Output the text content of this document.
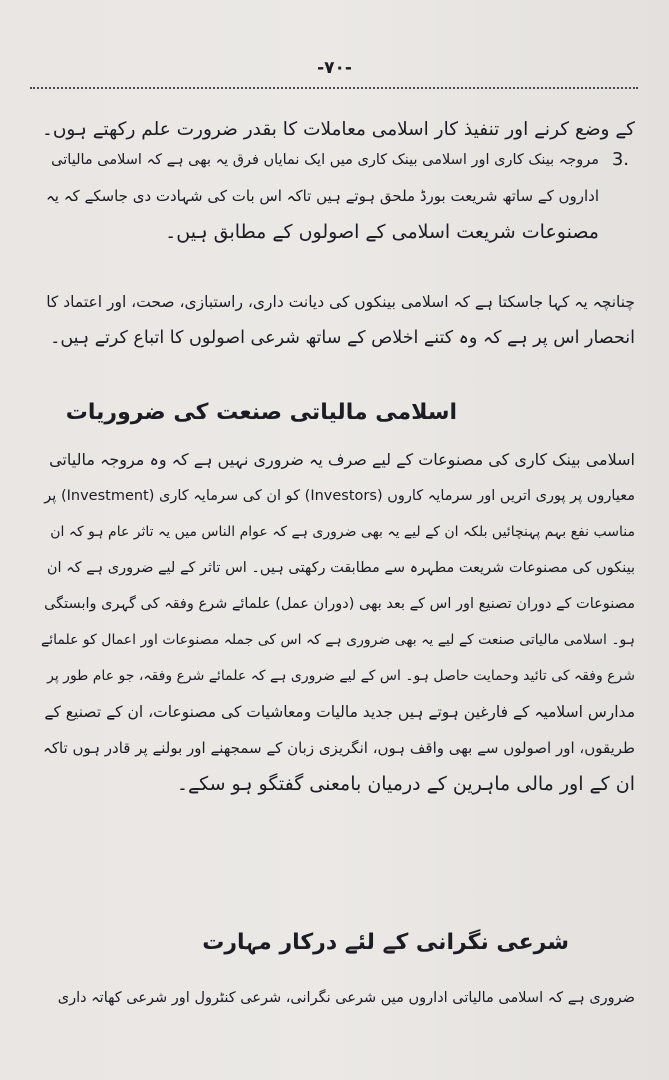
-۷۰-
کے وضع کرنے اور تنفیذ کار اسلامی معاملات کا بقدر ضرورت علم رکھتے ہوں۔
3.
مروجہ بینک کاری اور اسلامی بینک کاری میں ایک نمایاں فرق یہ بھی ہے کہ اسلامی مالیاتی
اداروں کے ساتھ شریعت بورڈ ملحق ہوتے ہیں تاکہ اس بات کی شہادت دی جاسکے کہ یہ
مصنوعات شریعت اسلامی کے اصولوں کے مطابق ہیں۔
چنانچہ یہ کہا جاسکتا ہے کہ اسلامی بینکوں کی دیانت داری، راستبازی، صحت، اور اعتماد کا
انحصار اس پر ہے کہ وہ کتنے اخلاص کے ساتھ شرعی اصولوں کا اتباع کرتے ہیں۔
اسلامی مالیاتی صنعت کی ضروریات
اسلامی بینک کاری کی مصنوعات کے لیے صرف یہ ضروری نہیں ہے کہ وہ مروجہ مالیاتی
معیاروں پر پوری اتریں اور سرمایہ کاروں (Investors) کو ان کی سرمایہ کاری (Investment) پر
مناسب نفع بہم پہنچائیں بلکہ ان کے لیے یہ بھی ضروری ہے کہ عوام الناس میں یہ تاثر عام ہو کہ ان
بینکوں کی مصنوعات شریعت مطہرہ سے مطابقت رکھتی ہیں۔ اس تاثر کے لیے ضروری ہے کہ ان
مصنوعات کے دوران تصنیع اور اس کے بعد بھی (دوران عمل) علمائے شرع وفقہ کی گہری وابستگی
ہو۔ اسلامی مالیاتی صنعت کے لیے یہ بھی ضروری ہے کہ اس کی جملہ مصنوعات اور اعمال کو علمائے
شرع وفقہ کی تائید وحمایت حاصل ہو۔ اس کے لیے ضروری ہے کہ علمائے شرع وفقہ، جو عام طور پر
مدارس اسلامیہ کے فارغین ہوتے ہیں جدید مالیات ومعاشیات کی مصنوعات، ان کے تصنیع کے
طریقوں، اور اصولوں سے بھی واقف ہوں، انگریزی زبان کے سمجھنے اور بولنے پر قادر ہوں تاکہ
ان کے اور مالی ماہرین کے درمیان بامعنی گفتگو ہو سکے۔
شرعی نگرانی کے لئے درکار مہارت
ضروری ہے کہ اسلامی مالیاتی اداروں میں شرعی نگرانی، شرعی کنٹرول اور شرعی کھاتہ داری
